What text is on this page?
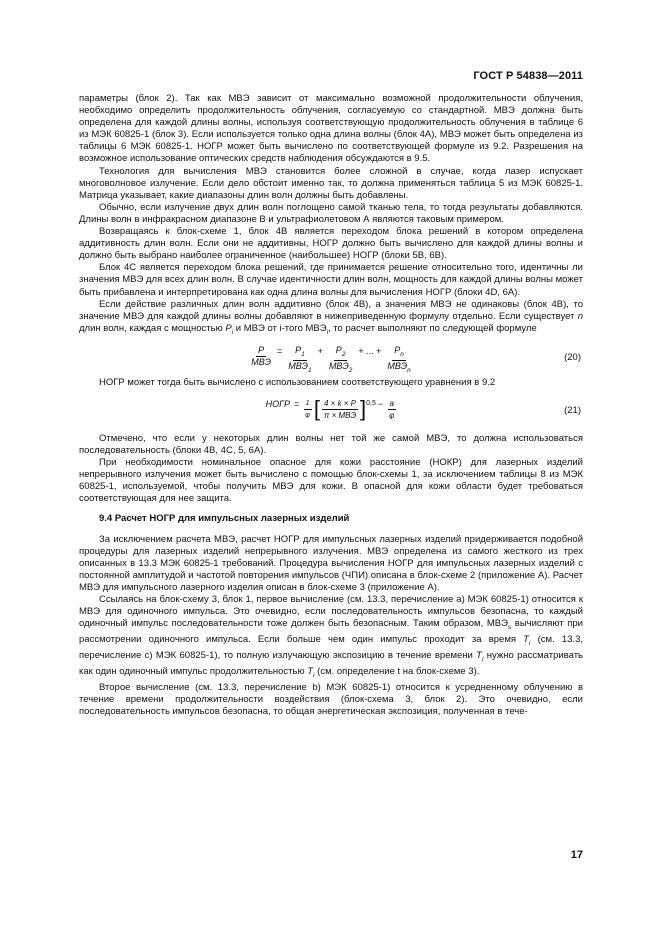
ГОСТ Р 54838—2011

параметры (блок 2). Так как МВЭ зависит от максимально возможной продолжительности облучения, необходимо определить продолжительность облучения, согласуемую со стандартной. МВЭ должна быть определена для каждой длины волны, используя соответствующую продолжительность облучения в таблице 6 из МЭК 60825-1 (блок 3). Если используется только одна длина волны (блок 4А), МВЭ может быть определена из таблицы 6 МЭК 60825-1. НОГР может быть вычислено по соответствующей формуле из 9.2. Разрешения на возможное использование оптических средств наблюдения обсуждаются в 9.5.

Технология для вычисления МВЭ становится более сложной в случае, когда лазер испускает многоволновое излучение. Если дело обстоит именно так, то должна применяться таблица 5 из МЭК 60825-1. Матрица указывает, какие диапазоны длин волн должны быть добавлены.

Обычно, если излучение двух длин волн поглощено самой тканью тела, то тогда результаты добавляются. Длины волн в инфракрасном диапазоне В и ультрафиолетовом А являются таковым примером.

Возвращаясь к блок-схеме 1, блок 4В является переходом блока решений в котором определена аддитивность длин волн. Если они не аддитивны, НОГР должно быть вычислено для каждой длины волны и должно быть выбрано наиболее ограниченное (наибольшее) НОГР (блоки 5В, 6В).

Блок 4С является переходом блока решений, где принимается решение относительно того, идентичны ли значения МВЭ для всех длин волн. В случае идентичности длин волн, мощность для каждой длины волны может быть прибавлена и интерпретирована как одна длина волны для вычисления НОГР (блоки 4D, 6А).

Если действие различных длин волн аддитивно (блок 4В), а значения МВЭ не одинаковы (блок 4В), то значение МВЭ для каждой длины волны добавляют в нижеприведенную формулу отдельно. Если существует n длин волн, каждая с мощностью $P_i$ и МВЭ от i-того $МВЭ_i$, то расчет выполняют по следующей формуле

$\frac{P}{\text{МВЭ}} = \frac{P_1}{МВЭ_1} + \frac{P_2}{МВЭ_2}$ + ... + $\frac{P_n}{МВЭ_n}$	(20)

НОГР может тогда быть вычислено с использованием соответствующего уравнения в 9.2

НОГР = $\frac{1}{\varphi}$ [ $\frac{4 \times k \times P}{\text{π × МВЭ}} ]^{0,5} - \frac{a}{\varphi}$	(21)

Отмечено, что если у некоторых длин волны нет той же самой МВЭ, то должна использоваться последовательность (блоки 4В, 4С, 5, 6А).

При необходимости номинальное опасное для кожи расстояние (НОКР) для лазерных изделий непрерывного излучения может быть вычислено с помощью блок-схемы 1, за исключением таблицы 8 из МЭК 60825-1, используемой, чтобы получить МВЭ для кожи. В опасной для кожи области будет требоваться соответствующая для нее защита.

9.4 Расчет НОГР для импульсных лазерных изделий

За исключением расчета МВЭ, расчет НОГР для импульсных лазерных изделий придерживается подобной процедуры для лазерных изделий непрерывного излучения. МВЭ определена из самого жесткого из трех описанных в 13.3 МЭК 60825-1 требований. Процедура вычисления НОГР для импульсных лазерных изделий с постоянной амплитудой и частотой повторения импульсов (ЧПИ) описана в блок-схеме 2 (приложение А). Расчет МВЭ для импульсного лазерного изделия описан в блок-схеме 3 (приложение А).

Ссылаясь на блок-схему 3, блок 1, первое вычисление (см. 13.3, перечисление а) МЭК 60825-1) относится к МВЭ для одиночного импульса. Это очевидно, если последовательность импульсов безопасна, то каждый одиночный импульс последовательности тоже должен быть безопасным. Таким образом, $МВЭ_s$ вычисляют при рассмотрении одиночного импульса. Если больше чем один импульс проходит за время $T_i$ (см. 13.3, перечисление с) МЭК 60825-1), то полную излучающую экспозицию в течение времени $T_i$ нужно рассматривать как один одиночный импульс продолжительностью $T_i$ (см. определение t на блок-схеме 3).

Второе вычисление (см. 13.3, перечисление b) МЭК 60825-1) относится к усредненному облучению в течение времени продолжительности воздействия (блок-схема 3, блок 2). Это очевидно, если последовательность импульсов безопасна, то общая энергетическая экспозиция, полученная в тече-

17
